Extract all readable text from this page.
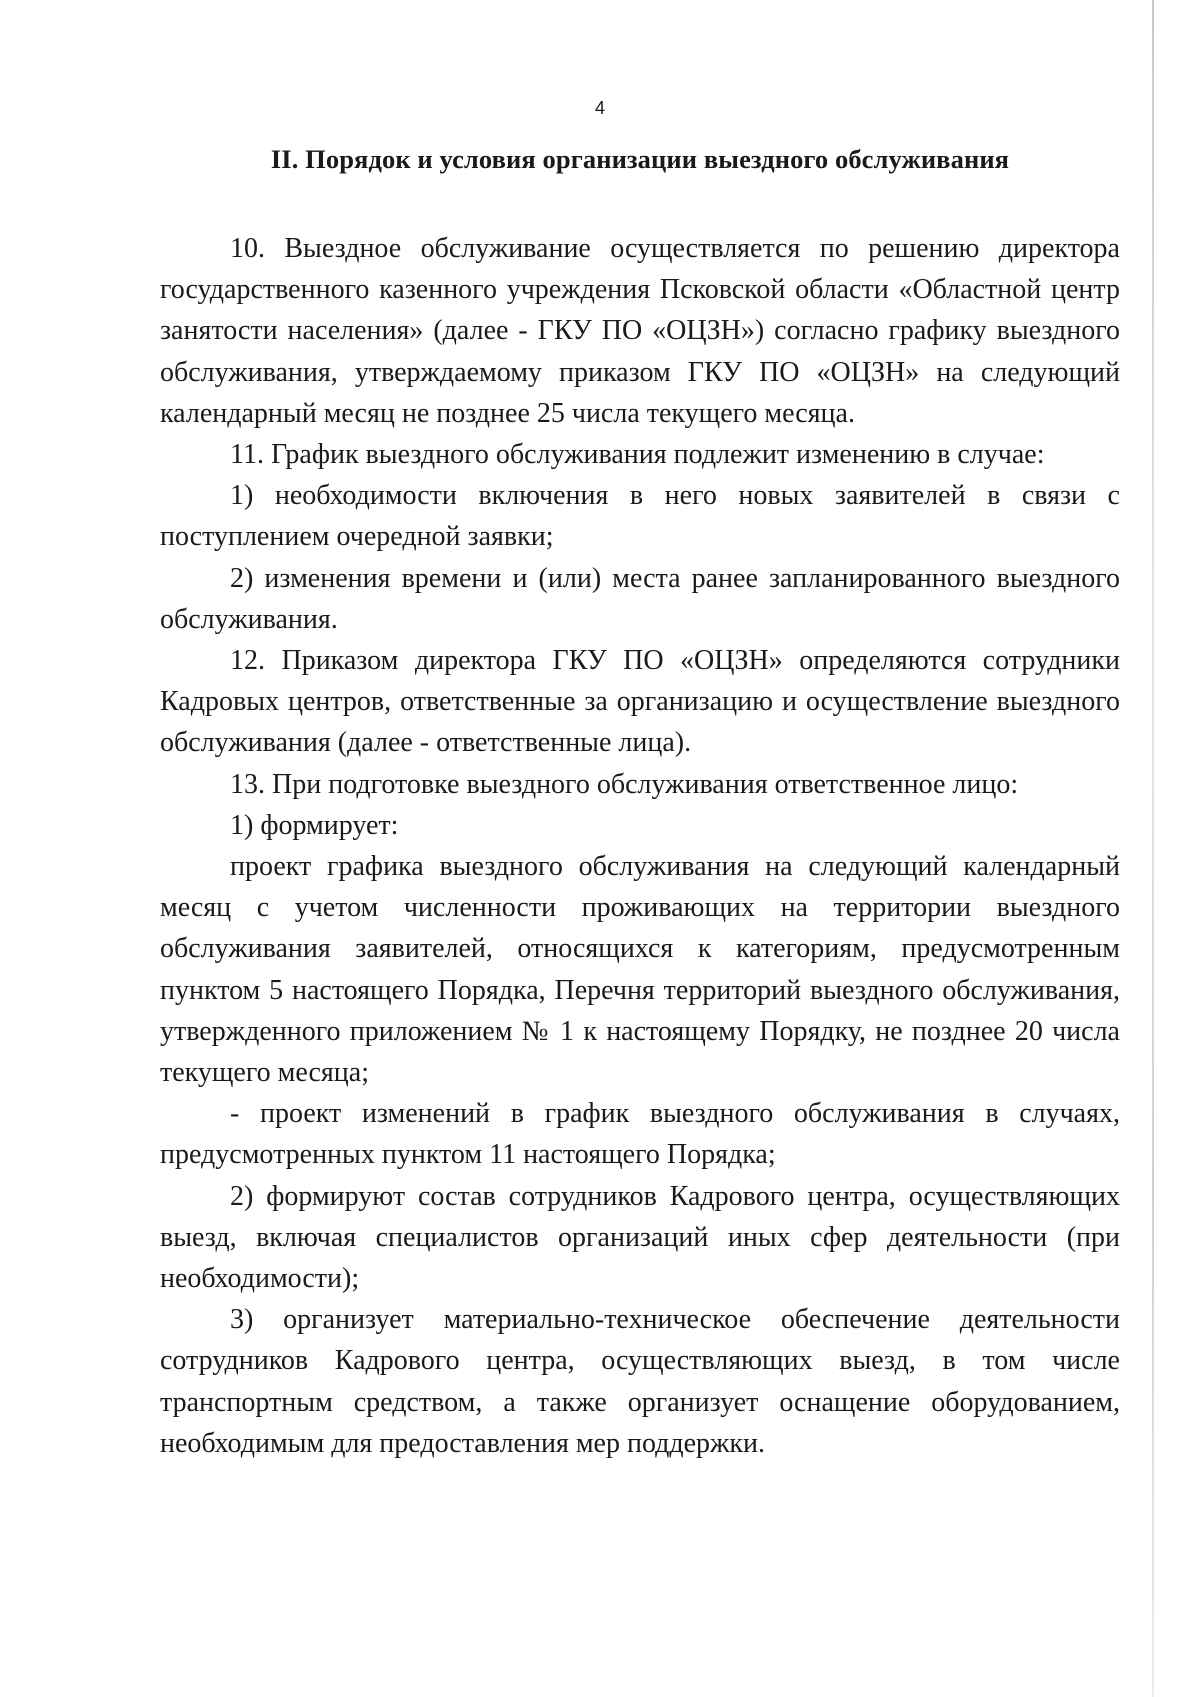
4
II. Порядок и условия организации выездного обслуживания

10. Выездное обслуживание осуществляется по решению директора государственного казенного учреждения Псковской области «Областной центр занятости населения» (далее - ГКУ ПО «ОЦЗН») согласно графику выездного обслуживания, утверждаемому приказом ГКУ ПО «ОЦЗН» на следующий календарный месяц не позднее 25 числа текущего месяца.

11. График выездного обслуживания подлежит изменению в случае:

1) необходимости включения в него новых заявителей в связи с поступлением очередной заявки;

2) изменения времени и (или) места ранее запланированного выездного обслуживания.

12. Приказом директора ГКУ ПО «ОЦЗН» определяются сотрудники Кадровых центров, ответственные за организацию и осуществление выездного обслуживания (далее - ответственные лица).

13. При подготовке выездного обслуживания ответственное лицо:

1) формирует:

проект графика выездного обслуживания на следующий календарный месяц с учетом численности проживающих на территории выездного обслуживания заявителей, относящихся к категориям, предусмотренным пунктом 5 настоящего Порядка, Перечня территорий выездного обслуживания, утвержденного приложением № 1 к настоящему Порядку, не позднее 20 числа текущего месяца;

- проект изменений в график выездного обслуживания в случаях, предусмотренных пунктом 11 настоящего Порядка;

2) формируют состав сотрудников Кадрового центра, осуществляющих выезд, включая специалистов организаций иных сфер деятельности (при необходимости);

3) организует материально-техническое обеспечение деятельности сотрудников Кадрового центра, осуществляющих выезд, в том числе транспортным средством, а также организует оснащение оборудованием, необходимым для предоставления мер поддержки.
